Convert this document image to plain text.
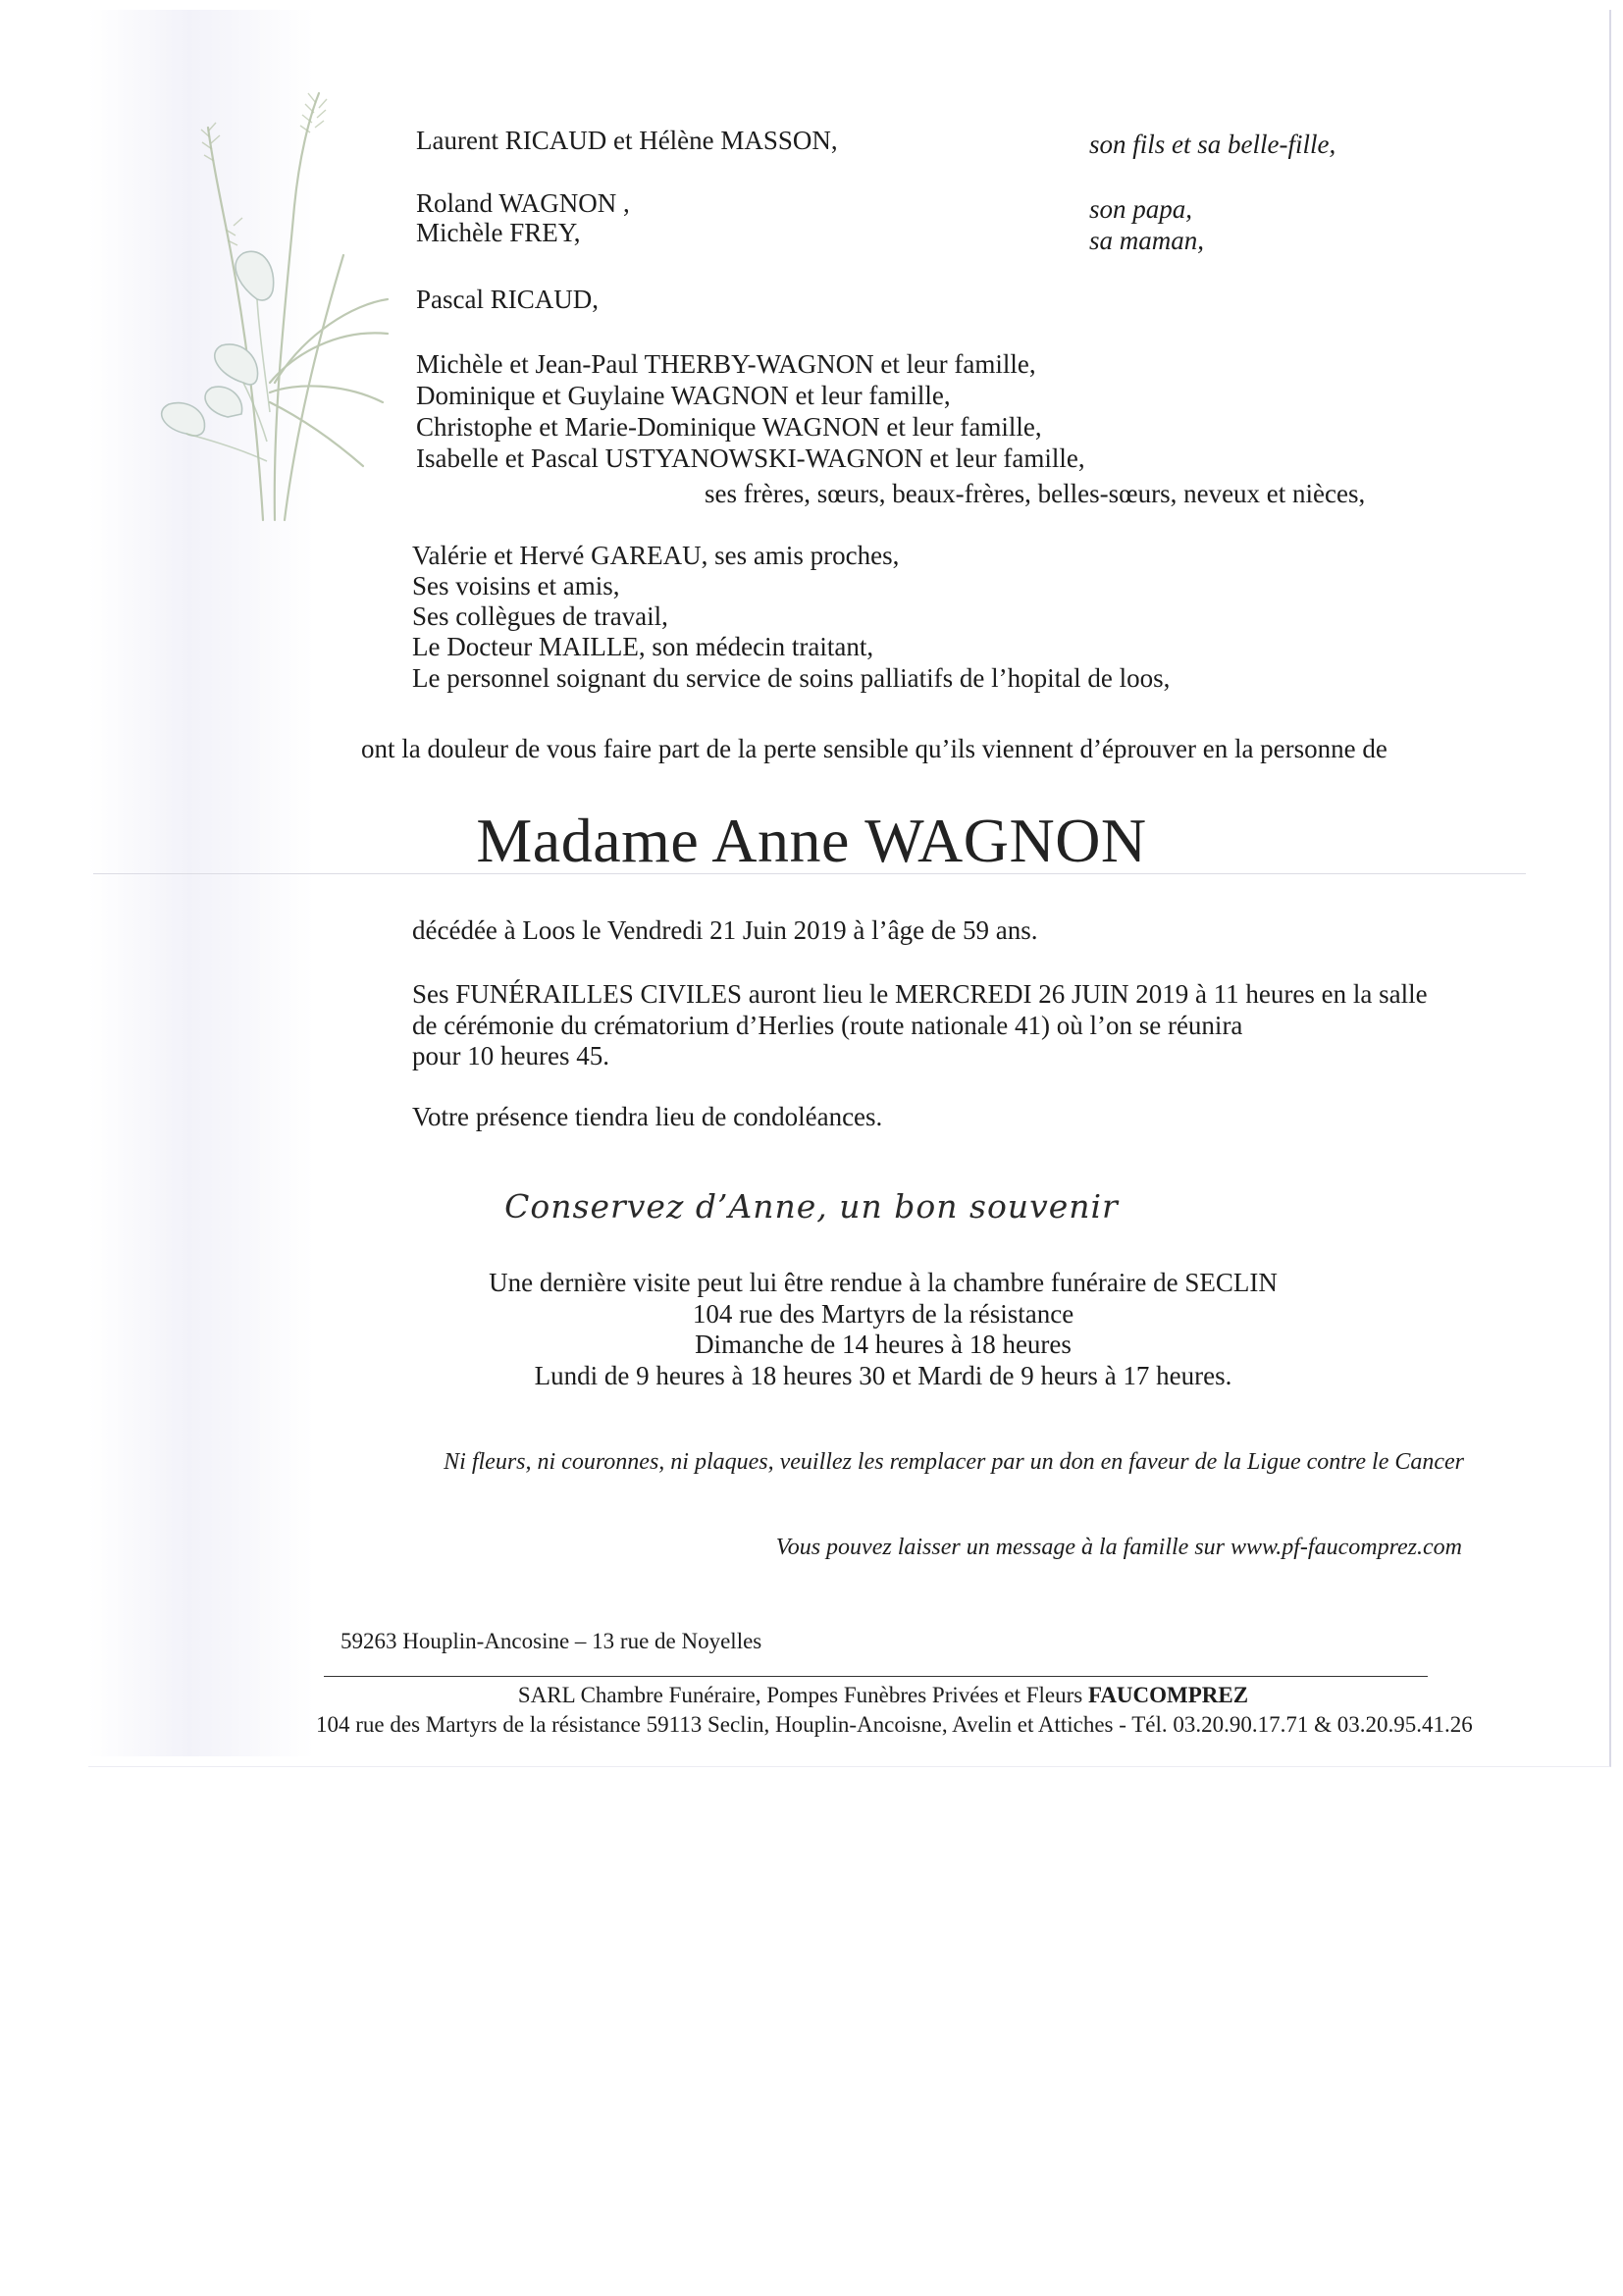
Laurent RICAUD et Hélène MASSON,	son fils et sa belle-fille,
Roland WAGNON ,	son papa,
Michèle FREY,	sa maman,
Pascal RICAUD,
Michèle et Jean-Paul THERBY-WAGNON et leur famille,
Dominique et Guylaine WAGNON et leur famille,
Christophe et Marie-Dominique WAGNON et leur famille,
Isabelle et Pascal USTYANOWSKI-WAGNON et leur famille,
ses frères, sœurs, beaux-frères, belles-sœurs, neveux et nièces,
Valérie et Hervé GAREAU, ses amis proches,
Ses voisins et amis,
Ses collègues de travail,
Le Docteur MAILLE, son médecin traitant,
Le personnel soignant du service de soins palliatifs de l’hopital de loos,
ont la douleur de vous faire part de la perte sensible qu’ils viennent d’éprouver en la personne de
Madame Anne WAGNON
décédée à Loos le Vendredi 21 Juin 2019 à l’âge de 59 ans.
Ses FUNÉRAILLES CIVILES auront lieu le MERCREDI 26 JUIN 2019 à 11 heures en la salle
de cérémonie du crématorium d’Herlies (route nationale 41) où l’on se réunira
pour 10 heures 45.
Votre présence tiendra lieu de condoléances.
Conservez d’Anne, un bon souvenir
Une dernière visite peut lui être rendue à la chambre funéraire de SECLIN
104 rue des Martyrs de la résistance
Dimanche de 14 heures à 18 heures
Lundi de 9 heures à 18 heures 30 et Mardi de 9 heurs à 17 heures.
Ni fleurs, ni couronnes, ni plaques, veuillez les remplacer par un don en faveur de la Ligue contre le Cancer
Vous pouvez laisser un message à la famille sur www.pf-faucomprez.com
59263 Houplin-Ancosine – 13 rue de Noyelles
SARL Chambre Funéraire, Pompes Funèbres Privées et Fleurs FAUCOMPREZ
104 rue des Martyrs de la résistance 59113 Seclin, Houplin-Ancoisne, Avelin et Attiches - Tél. 03.20.90.17.71 & 03.20.95.41.26
